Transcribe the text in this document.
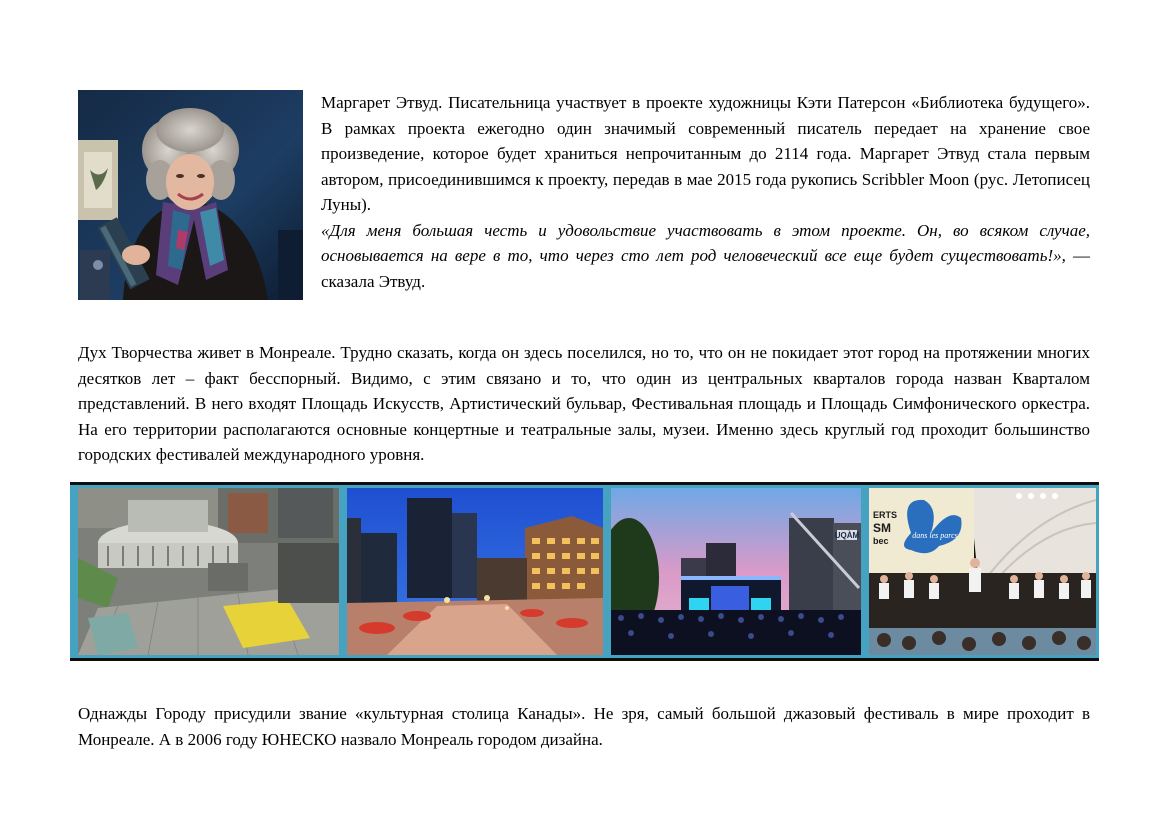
Маргарет Этвуд. Писательница участвует в проекте художницы Кэти Патерсон «Библиотека будущего». В рамках проекта ежегодно один значимый современный писатель передает на хранение свое произведение, которое будет храниться непрочитанным до 2114 года. Маргарет Этвуд стала первым автором, присоединившимся к проекту, передав в мае 2015 года рукопись Scribbler Moon (рус. Летописец Луны).
«Для меня большая честь и удовольствие участвовать в этом проекте. Он, во всяком случае, основывается на вере в то, что через сто лет род человеческий все еще будет существовать!», — сказала Этвуд.

Дух Творчества живет в Монреале. Трудно сказать, когда он здесь поселился, но то, что он не покидает этот город на протяжении многих десятков лет – факт бесспорный. Видимо, с этим связано и то, что один из центральных кварталов города назван Кварталом представлений. В него входят Площадь Искусств, Артистический бульвар, Фестивальная площадь и Площадь Симфонического оркестра. На его территории располагаются основные концертные и театральные залы, музеи. Именно здесь круглый год проходит большинство городских фестивалей международного уровня.

UQÀM
ERTS
SM
bec
dans les parcs

Однажды Городу присудили звание «культурная столица Канады». Не зря, самый большой джазовый фестиваль в мире проходит в Монреале. А в 2006 году ЮНЕСКО назвало Монреаль городом дизайна.
